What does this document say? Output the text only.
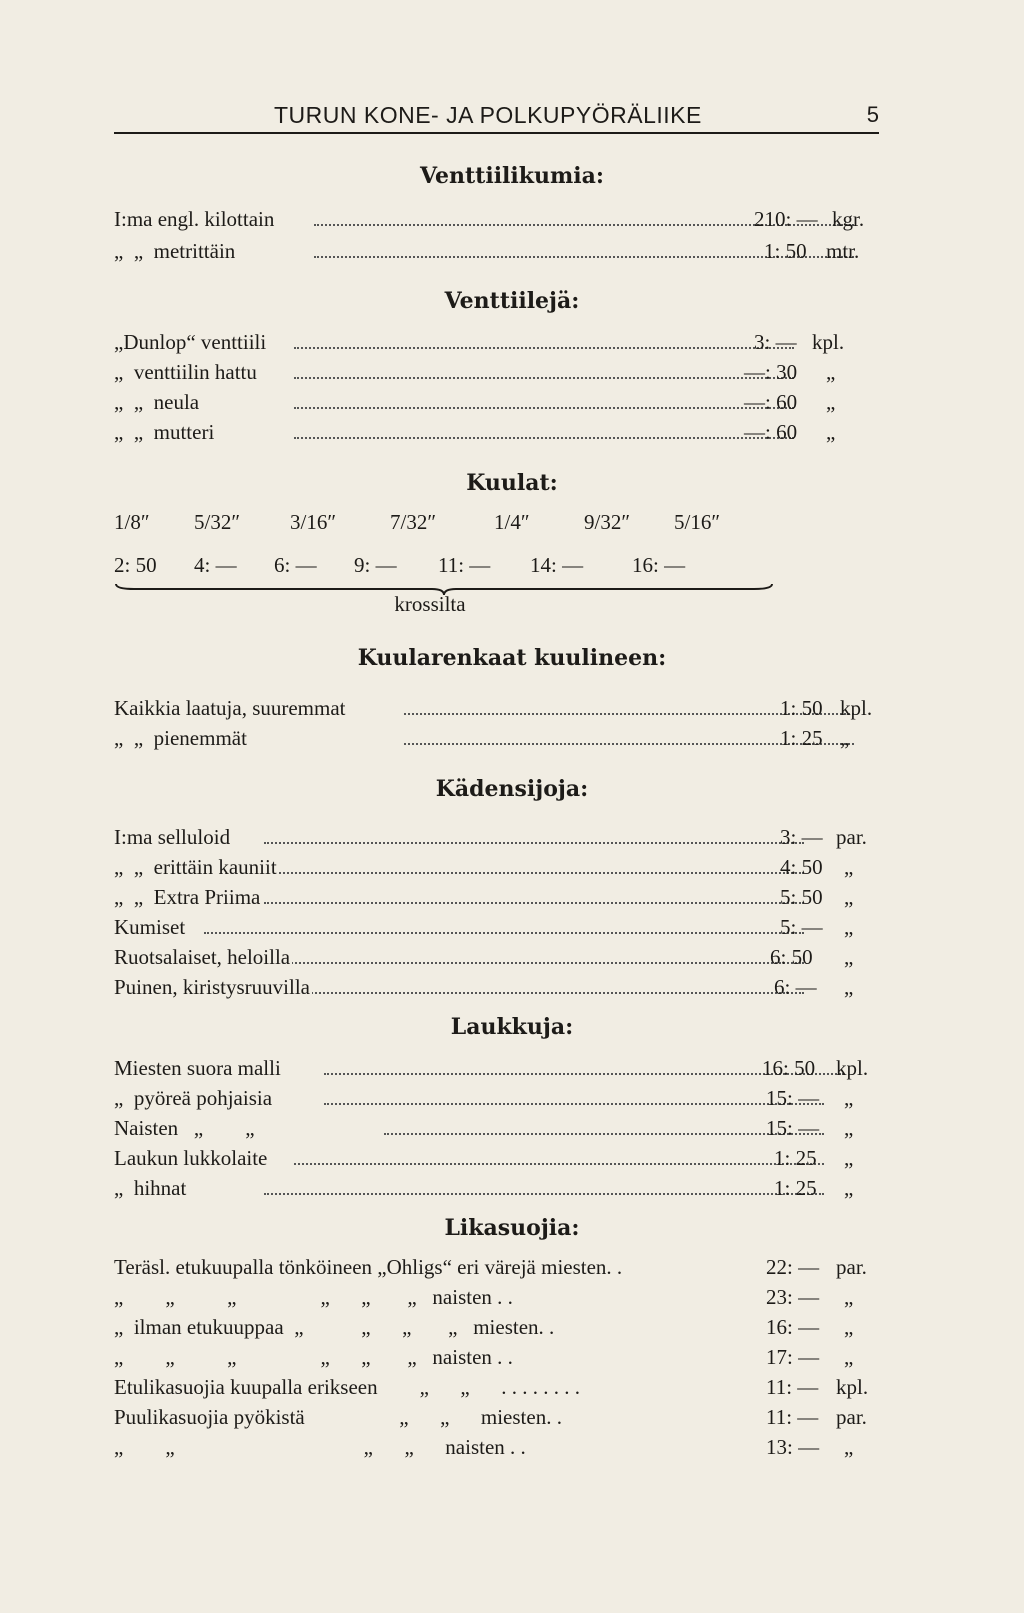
TURUN KONE- JA POLKUPYÖRÄLIIKE	5
Venttiilikumia:
I:ma engl. kilottain	210: — kgr.
„  „  metrittäin	1: 50 mtr.
Venttiilejä:
„Dunlop“ venttiili	3: — kpl.
„  venttiilin hattu	—: 30 „
„  „  neula	—: 60 „
„  „  mutteri	—: 60 „
Kuulat:
1/8″ 5/32″ 3/16″	7/32″	1/4″	9/32″ 5/16″
2: 50 4: — 6: — 9: — 11: — 14: — 16: —
krossilta
Kuularenkaat kuulineen:
Kaikkia laatuja, suuremmat	1: 50 kpl.
„  „  pienemmät	1: 25 „
Kädensijoja:
I:ma selluloid	3: — par.
„  „  erittäin kauniit	4: 50 „
„  „  Extra Priima	5: 50 „
Kumiset	5: — „
Ruotsalaiset, heloilla	6: 50 „
Puinen, kiristysruuvilla	6: — „
Laukkuja:
Miesten suora malli	16: 50 kpl.
„  pyöreä pohjaisia	15: — „
Naisten   „        „	15: — „
Laukun lukkolaite	1: 25 „
„  hihnat	1: 25 „
Likasuojia:
Teräsl. etukuupalla tönköineen „Ohligs“ eri värejä miesten. .	22: — par.
„        „          „                „      „       „   naisten . .	23: — „
„  ilman etukuuppaa  „           „      „       „   miesten. .	16: — „
„        „          „                „      „       „   naisten . .	17: — „
Etulikasuojia kuupalla erikseen        „      „      . . . . . . . .	11: — kpl.
Puulikasuojia pyökistä                  „      „      miesten. .	11: — par.
„        „                                    „      „      naisten . .	13: — „
